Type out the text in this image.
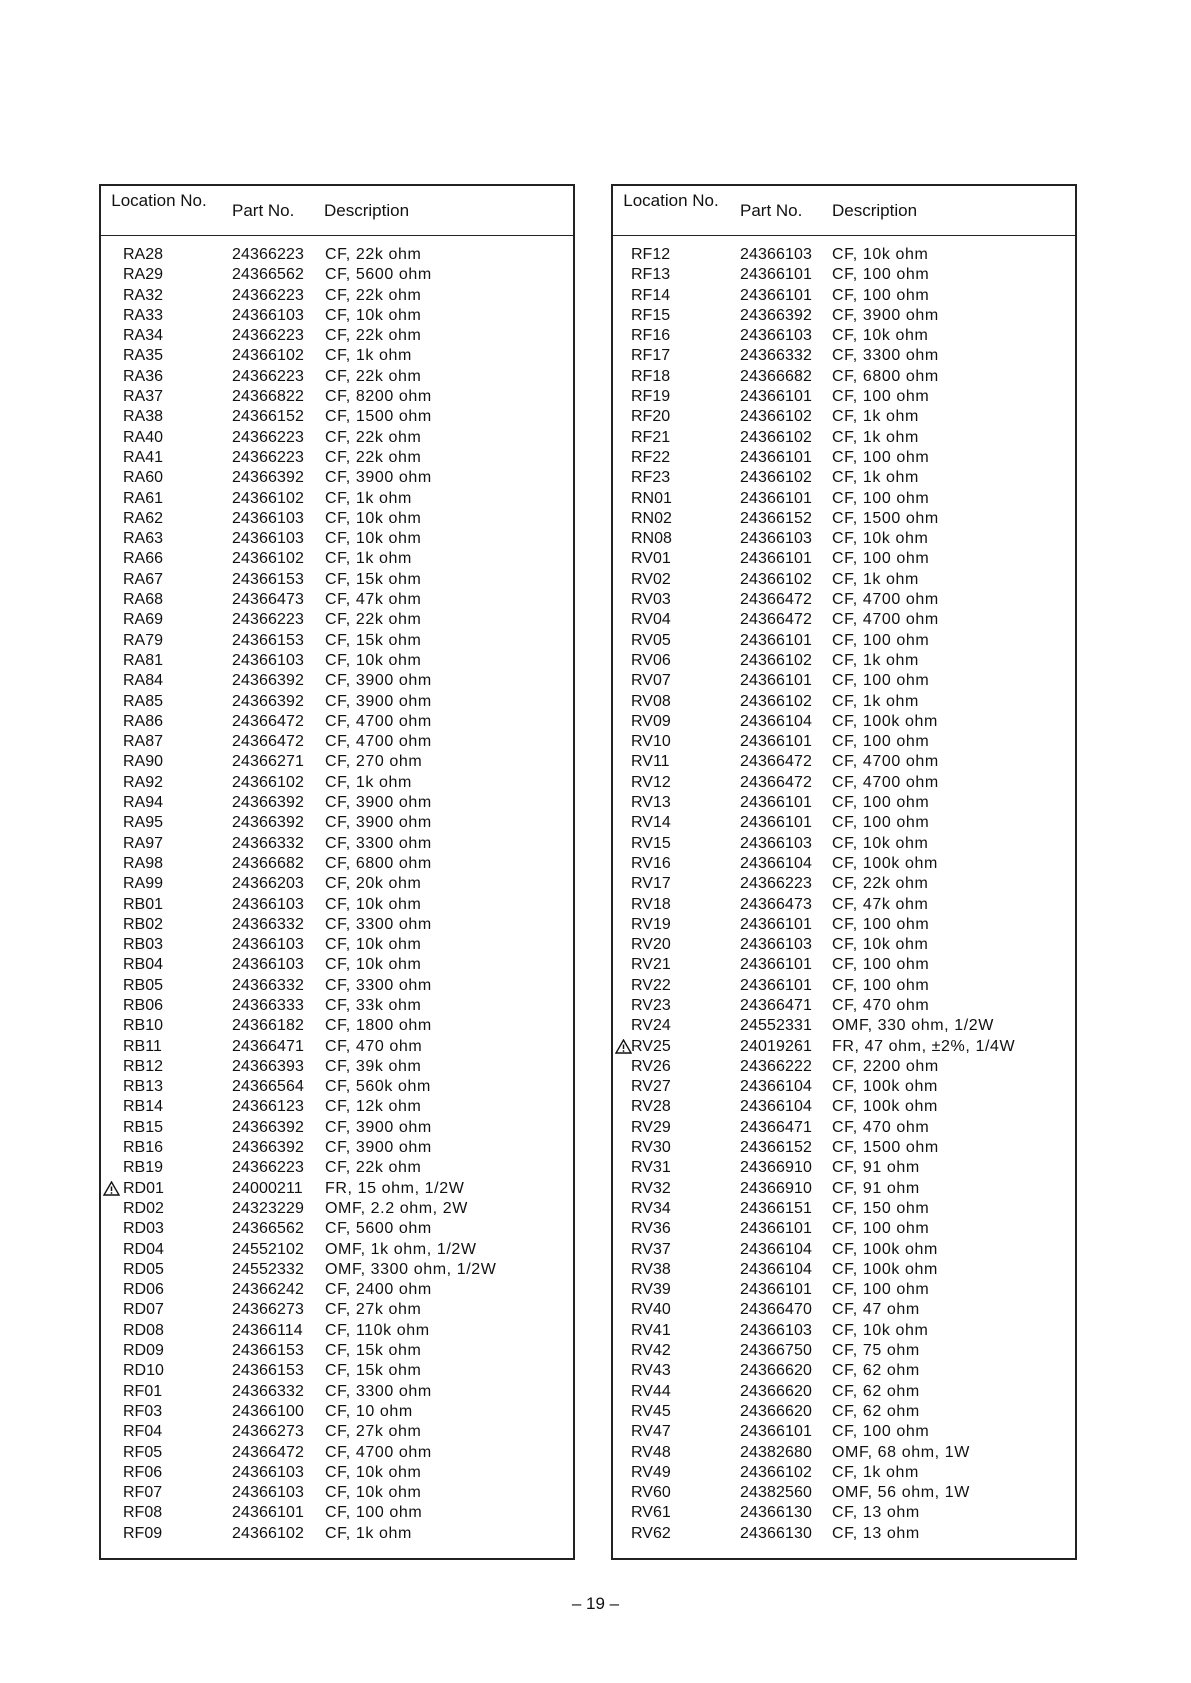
Location No.
Part No. Description
RA28	24366223 CF, 22k ohm
RA29	24366562 CF, 5600 ohm
RA32	24366223 CF, 22k ohm
RA33	24366103 CF, 10k ohm
RA34	24366223 CF, 22k ohm
RA35	24366102 CF, 1k ohm
RA36	24366223 CF, 22k ohm
RA37	24366822 CF, 8200 ohm
RA38	24366152 CF, 1500 ohm
RA40	24366223 CF, 22k ohm
RA41	24366223 CF, 22k ohm
RA60	24366392 CF, 3900 ohm
RA61	24366102 CF, 1k ohm
RA62	24366103 CF, 10k ohm
RA63	24366103 CF, 10k ohm
RA66	24366102 CF, 1k ohm
RA67	24366153 CF, 15k ohm
RA68	24366473 CF, 47k ohm
RA69	24366223 CF, 22k ohm
RA79	24366153 CF, 15k ohm
RA81	24366103 CF, 10k ohm
RA84	24366392 CF, 3900 ohm
RA85	24366392 CF, 3900 ohm
RA86	24366472 CF, 4700 ohm
RA87	24366472 CF, 4700 ohm
RA90	24366271 CF, 270 ohm
RA92	24366102 CF, 1k ohm
RA94	24366392 CF, 3900 ohm
RA95	24366392 CF, 3900 ohm
RA97	24366332 CF, 3300 ohm
RA98	24366682 CF, 6800 ohm
RA99	24366203 CF, 20k ohm
RB01	24366103 CF, 10k ohm
RB02	24366332 CF, 3300 ohm
RB03	24366103 CF, 10k ohm
RB04	24366103 CF, 10k ohm
RB05	24366332 CF, 3300 ohm
RB06	24366333 CF, 33k ohm
RB10	24366182 CF, 1800 ohm
RB11	24366471 CF, 470 ohm
RB12	24366393 CF, 39k ohm
RB13	24366564 CF, 560k ohm
RB14	24366123 CF, 12k ohm
RB15	24366392 CF, 3900 ohm
RB16	24366392 CF, 3900 ohm
RB19	24366223 CF, 22k ohm
RD01	24000211 FR, 15 ohm, 1/2W
RD02	24323229 OMF, 2.2 ohm, 2W
RD03	24366562 CF, 5600 ohm
RD04	24552102 OMF, 1k ohm, 1/2W
RD05	24552332 OMF, 3300 ohm, 1/2W
RD06	24366242 CF, 2400 ohm
RD07	24366273 CF, 27k ohm
RD08	24366114 CF, 110k ohm
RD09	24366153 CF, 15k ohm
RD10	24366153 CF, 15k ohm
RF01	24366332 CF, 3300 ohm
RF03	24366100 CF, 10 ohm
RF04	24366273 CF, 27k ohm
RF05	24366472 CF, 4700 ohm
RF06	24366103 CF, 10k ohm
RF07	24366103 CF, 10k ohm
RF08	24366101 CF, 100 ohm
RF09	24366102 CF, 1k ohm
Location No.
Part No. Description
RF12	24366103 CF, 10k ohm
RF13	24366101 CF, 100 ohm
RF14	24366101 CF, 100 ohm
RF15	24366392 CF, 3900 ohm
RF16	24366103 CF, 10k ohm
RF17	24366332 CF, 3300 ohm
RF18	24366682 CF, 6800 ohm
RF19	24366101 CF, 100 ohm
RF20	24366102 CF, 1k ohm
RF21	24366102 CF, 1k ohm
RF22	24366101 CF, 100 ohm
RF23	24366102 CF, 1k ohm
RN01	24366101 CF, 100 ohm
RN02	24366152 CF, 1500 ohm
RN08	24366103 CF, 10k ohm
RV01	24366101 CF, 100 ohm
RV02	24366102 CF, 1k ohm
RV03	24366472 CF, 4700 ohm
RV04	24366472 CF, 4700 ohm
RV05	24366101 CF, 100 ohm
RV06	24366102 CF, 1k ohm
RV07	24366101 CF, 100 ohm
RV08	24366102 CF, 1k ohm
RV09	24366104 CF, 100k ohm
RV10	24366101 CF, 100 ohm
RV11	24366472 CF, 4700 ohm
RV12	24366472 CF, 4700 ohm
RV13	24366101 CF, 100 ohm
RV14	24366101 CF, 100 ohm
RV15	24366103 CF, 10k ohm
RV16	24366104 CF, 100k ohm
RV17	24366223 CF, 22k ohm
RV18	24366473 CF, 47k ohm
RV19	24366101 CF, 100 ohm
RV20	24366103 CF, 10k ohm
RV21	24366101 CF, 100 ohm
RV22	24366101 CF, 100 ohm
RV23	24366471 CF, 470 ohm
RV24	24552331 OMF, 330 ohm, 1/2W
RV25	24019261 FR, 47 ohm, ±2%, 1/4W
RV26	24366222 CF, 2200 ohm
RV27	24366104 CF, 100k ohm
RV28	24366104 CF, 100k ohm
RV29	24366471 CF, 470 ohm
RV30	24366152 CF, 1500 ohm
RV31	24366910 CF, 91 ohm
RV32	24366910 CF, 91 ohm
RV34	24366151 CF, 150 ohm
RV36	24366101 CF, 100 ohm
RV37	24366104 CF, 100k ohm
RV38	24366104 CF, 100k ohm
RV39	24366101 CF, 100 ohm
RV40	24366470 CF, 47 ohm
RV41	24366103 CF, 10k ohm
RV42	24366750 CF, 75 ohm
RV43	24366620 CF, 62 ohm
RV44	24366620 CF, 62 ohm
RV45	24366620 CF, 62 ohm
RV47	24366101 CF, 100 ohm
RV48	24382680 OMF, 68 ohm, 1W
RV49	24366102 CF, 1k ohm
RV60	24382560 OMF, 56 ohm, 1W
RV61	24366130 CF, 13 ohm
RV62	24366130 CF, 13 ohm
– 19 –
